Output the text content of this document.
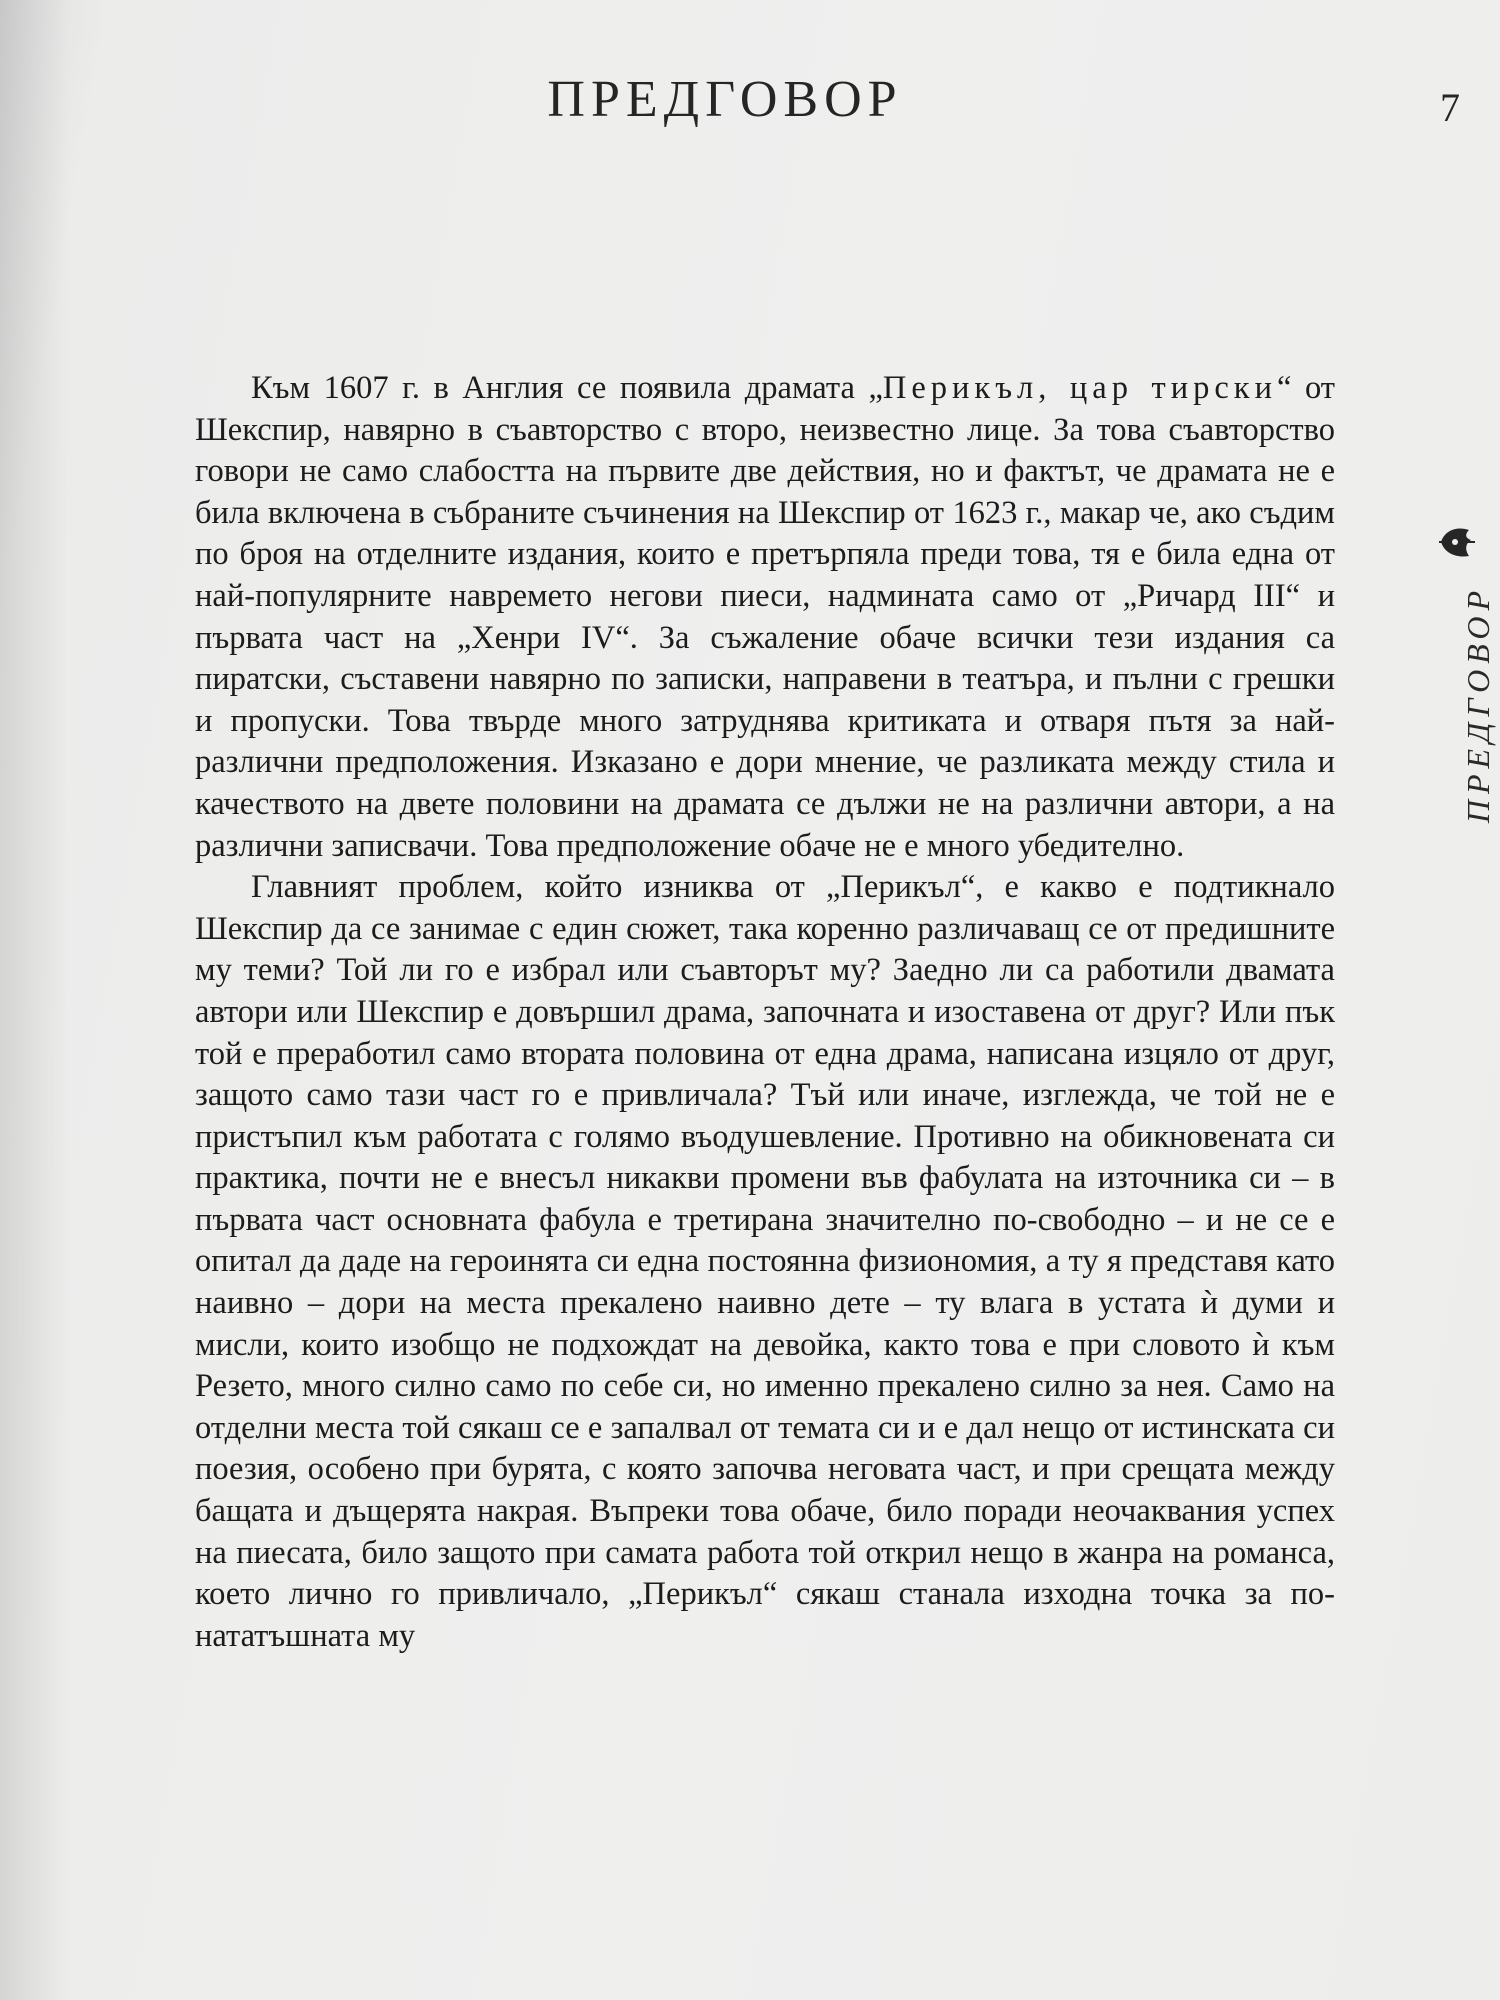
ПРЕДГОВОР	7
ПРЕДГОВОР

Към 1607 г. в Англия се появила драмата „Перикъл, цар тирски“ от Шекспир, навярно в съавторство с второ, неизвестно лице. За това съавторство говори не само слабостта на първите две действия, но и фактът, че драмата не е била включена в събраните съчинения на Шекспир от 1623 г., макар че, ако съдим по броя на отделните издания, които е претърпяла преди това, тя е била една от най-популярните навремето негови пиеси, надмината само от „Ричард III“ и първата част на „Хенри IV“. За съжаление обаче всички тези издания са пиратски, съставени навярно по записки, направени в театъра, и пълни с грешки и пропуски. Това твърде много затруднява критиката и отваря пътя за най-различни предположения. Изказано е дори мнение, че разликата между стила и качеството на двете половини на драмата се дължи не на различни автори, а на различни записвачи. Това предположение обаче не е много убедително.

Главният проблем, който изниква от „Перикъл“, е какво е подтикнало Шекспир да се занимае с един сюжет, така коренно различаващ се от предишните му теми? Той ли го е избрал или съавторът му? Заедно ли са работили двамата автори или Шекспир е довършил драма, започната и изоставена от друг? Или пък той е преработил само втората половина от една драма, написана изцяло от друг, защото само тази част го е привличала? Тъй или иначе, изглежда, че той не е пристъпил към работата с голямо въодушевление. Противно на обикновената си практика, почти не е внесъл никакви промени във фабулата на източника си – в първата част основната фабула е третирана значително по-свободно – и не се е опитал да даде на героинята си една постоянна физиономия, а ту я представя като наивно – дори на места прекалено наивно дете – ту влага в устата ѝ думи и мисли, които изобщо не подхождат на девойка, както това е при словото ѝ към Резето, много силно само по себе си, но именно прекалено силно за нея. Само на отделни места той сякаш се е запалвал от темата си и е дал нещо от истинската си поезия, особено при бурята, с която започва неговата част, и при срещата между бащата и дъщерята накрая. Въпреки това обаче, било поради неочаквания успех на пиесата, било защото при самата работа той открил нещо в жанра на романса, което лично го привличало, „Перикъл“ сякаш станала изходна точка за по-нататъшната му
